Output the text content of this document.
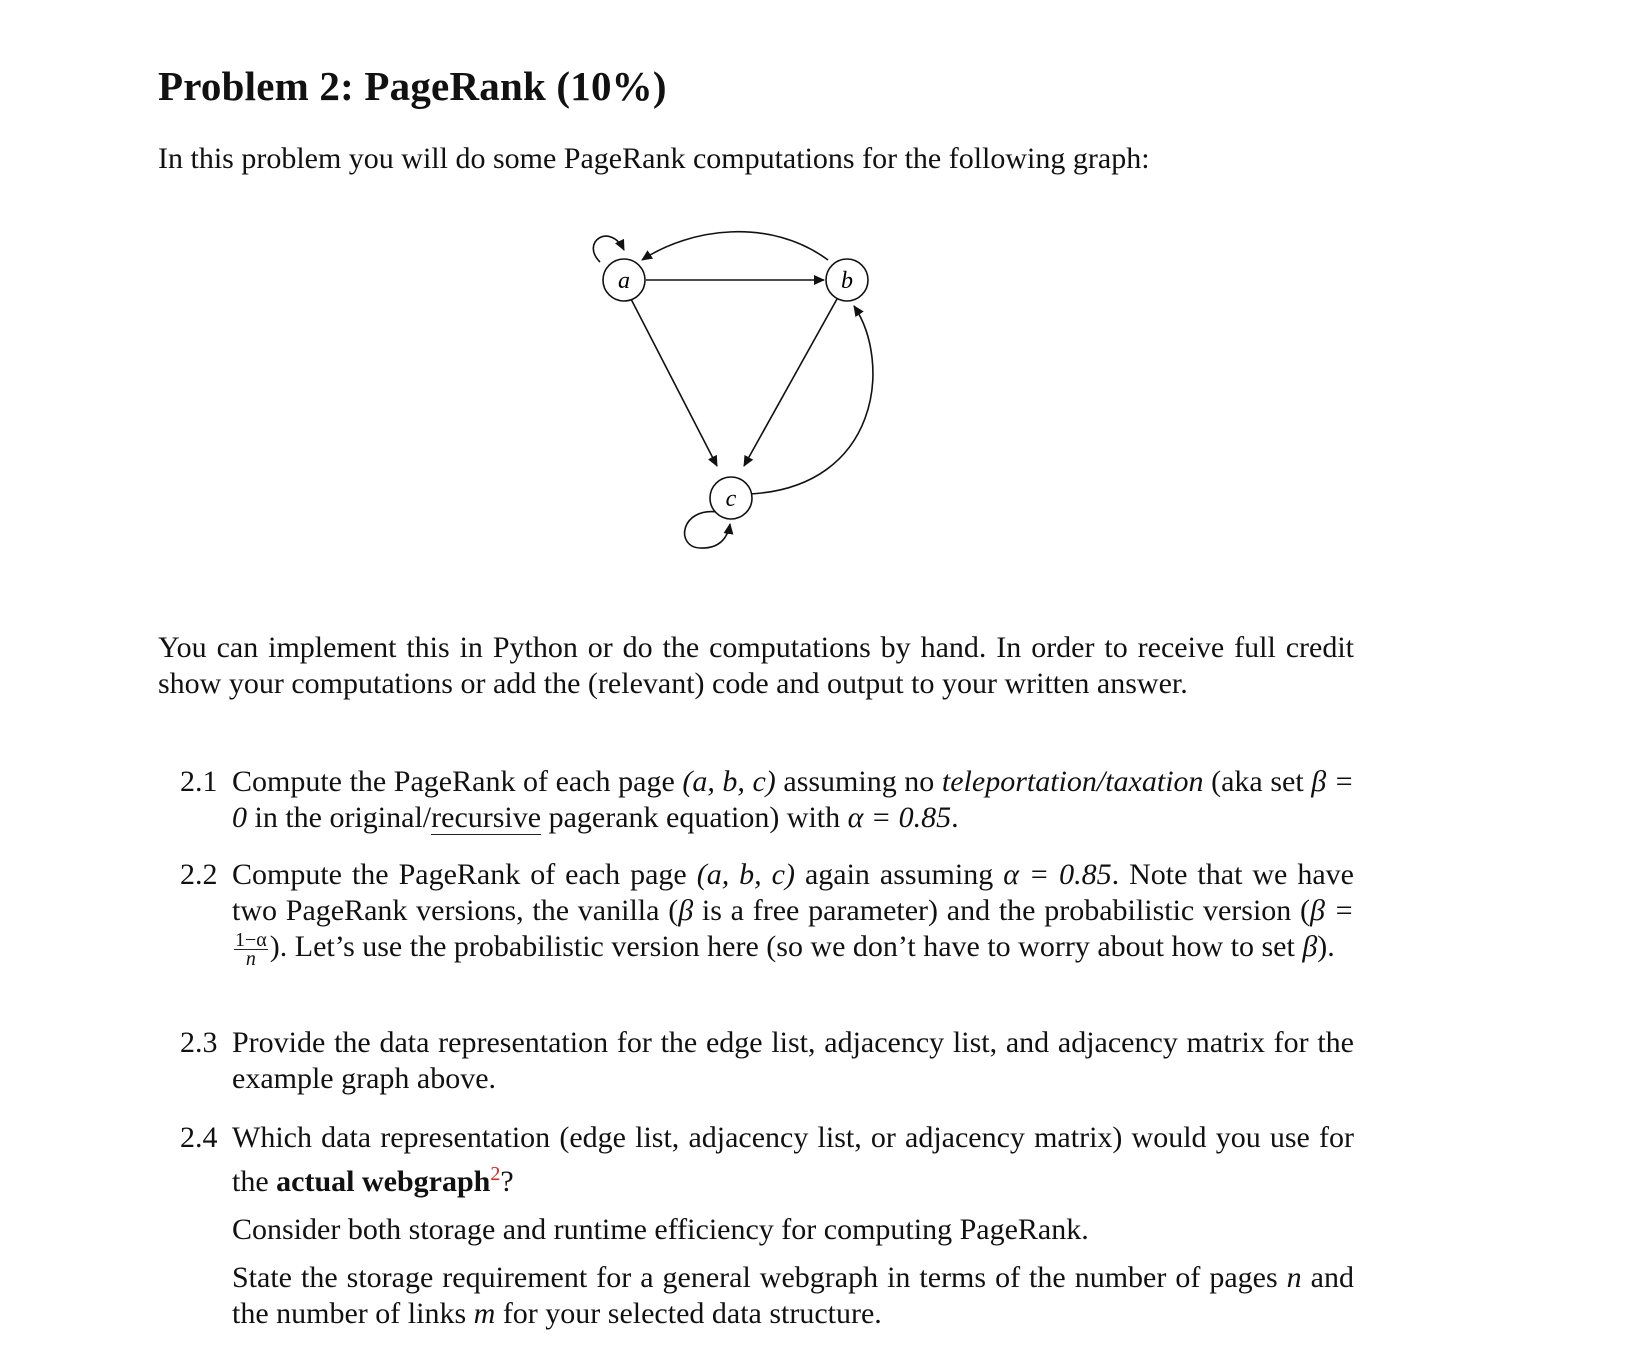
Problem 2: PageRank (10%)

In this problem you will do some PageRank computations for the following graph:

a	b
c

You can implement this in Python or do the computations by hand. In order to receive full credit show your computations or add the (relevant) code and output to your written answer.

2.1 Compute the PageRank of each page (a, b, c) assuming no teleportation/taxation (aka set β = 0 in the original/recursive pagerank equation) with α = 0.85.

2.2 Compute the PageRank of each page (a, b, c) again assuming α = 0.85. Note that we have two PageRank versions, the vanilla (β is a free parameter) and the probabilistic version (β =
$\frac{1-\alpha}{n}$ ). Let’s use the probabilistic version here (so we don’t have to worry about how to set β).

2.3 Provide the data representation for the edge list, adjacency list, and adjacency matrix for the example graph above.

2.4 Which data representation (edge list, adjacency list, or adjacency matrix) would you use for the actual webgraph$^2$?

Consider both storage and runtime efficiency for computing PageRank.

State the storage requirement for a general webgraph in terms of the number of pages n and the number of links m for your selected data structure.
